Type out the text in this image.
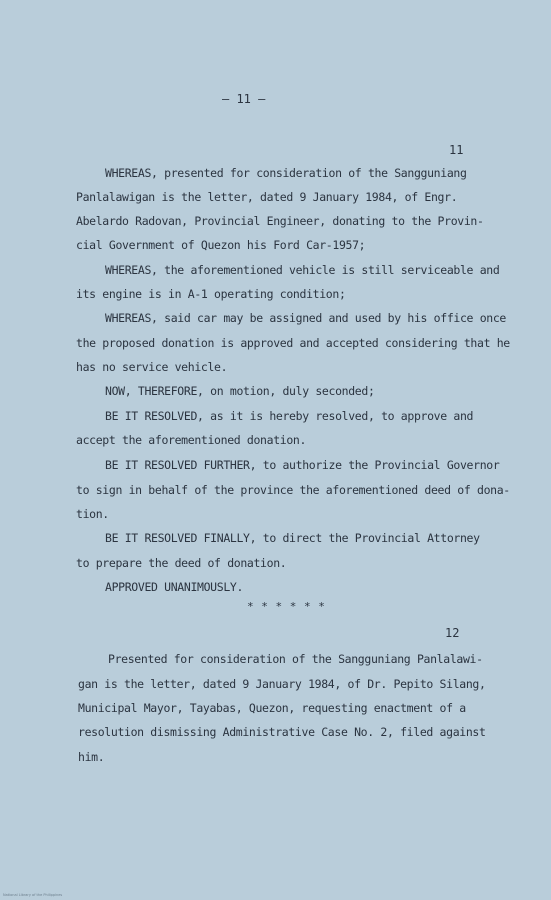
— 11 —
11
WHEREAS, presented for consideration of the Sangguniang
Panlalawigan is the letter, dated 9 January 1984, of Engr.
Abelardo Radovan, Provincial Engineer, donating to the Provin-
cial Government of Quezon his Ford Car-1957;
WHEREAS, the aforementioned vehicle is still serviceable and
its engine is in A-1 operating condition;
WHEREAS, said car may be assigned and used by his office once
the proposed donation is approved and accepted considering that he
has no service vehicle.
NOW, THEREFORE, on motion, duly seconded;
BE IT RESOLVED, as it is hereby resolved, to approve and
accept the aforementioned donation.
BE IT RESOLVED FURTHER, to authorize the Provincial Governor
to sign in behalf of the province the aforementioned deed of dona-
tion.
BE IT RESOLVED FINALLY, to direct the Provincial Attorney
to prepare the deed of donation.
APPROVED UNANIMOUSLY.
* * * * * *
12
Presented for consideration of the Sangguniang Panlalawi-
gan is the letter, dated 9 January 1984, of Dr. Pepito Silang,
Municipal Mayor, Tayabas, Quezon, requesting enactment of a
resolution dismissing Administrative Case No. 2, filed against
him.
National Library of the Philippines
